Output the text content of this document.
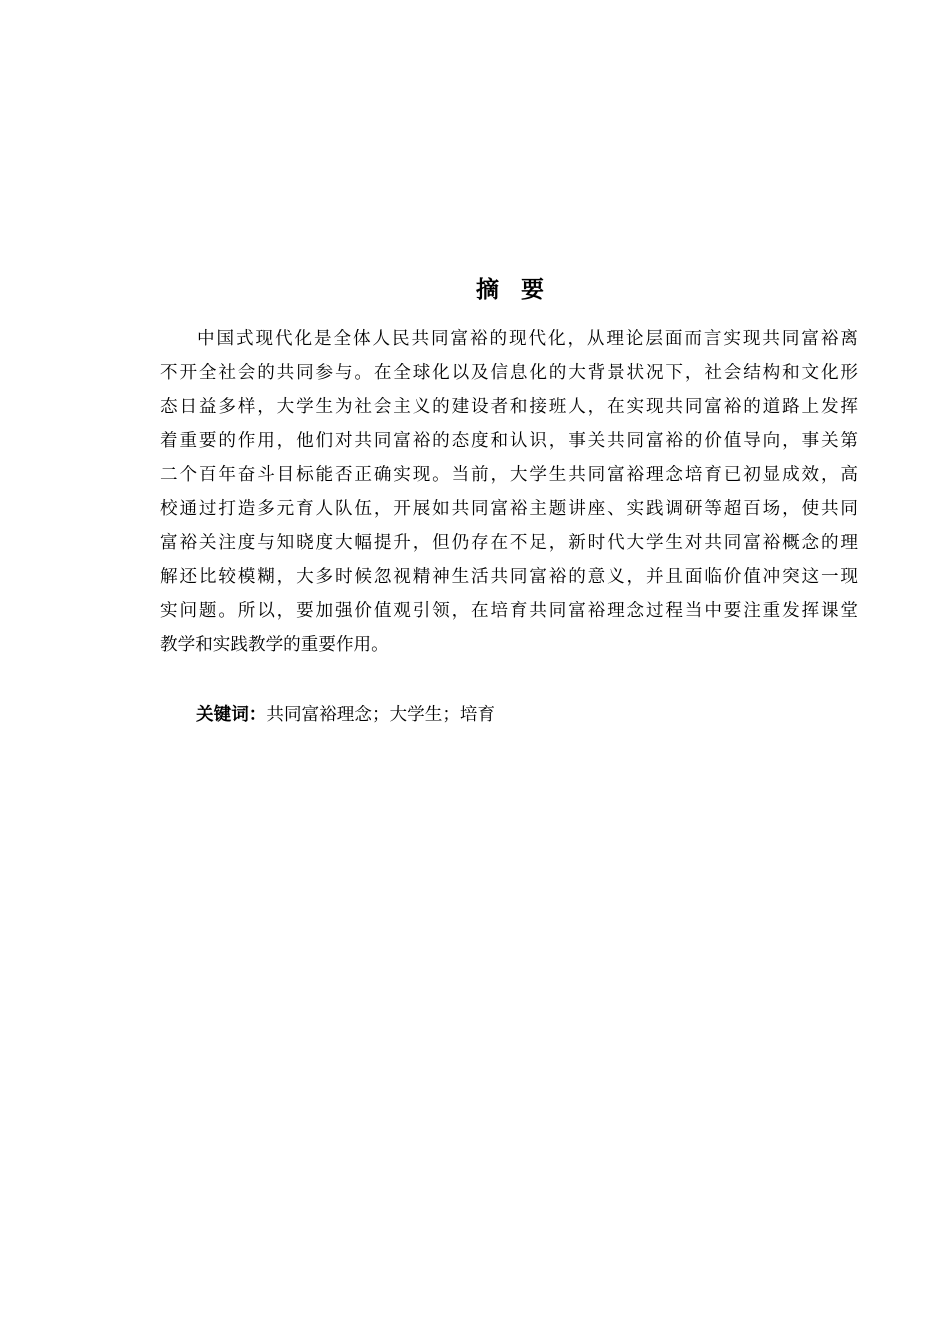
摘 要
中国式现代化是全体人民共同富裕的现代化，从理论层面而言实现共同富裕离
不开全社会的共同参与。在全球化以及信息化的大背景状况下，社会结构和文化形
态日益多样，大学生为社会主义的建设者和接班人，在实现共同富裕的道路上发挥
着重要的作用，他们对共同富裕的态度和认识，事关共同富裕的价值导向，事关第
二个百年奋斗目标能否正确实现。当前，大学生共同富裕理念培育已初显成效，高
校通过打造多元育人队伍，开展如共同富裕主题讲座、实践调研等超百场，使共同
富裕关注度与知晓度大幅提升，但仍存在不足，新时代大学生对共同富裕概念的理
解还比较模糊，大多时候忽视精神生活共同富裕的意义，并且面临价值冲突这一现
实问题。所以，要加强价值观引领，在培育共同富裕理念过程当中要注重发挥课堂
教学和实践教学的重要作用。
关键词：共同富裕理念；大学生；培育
